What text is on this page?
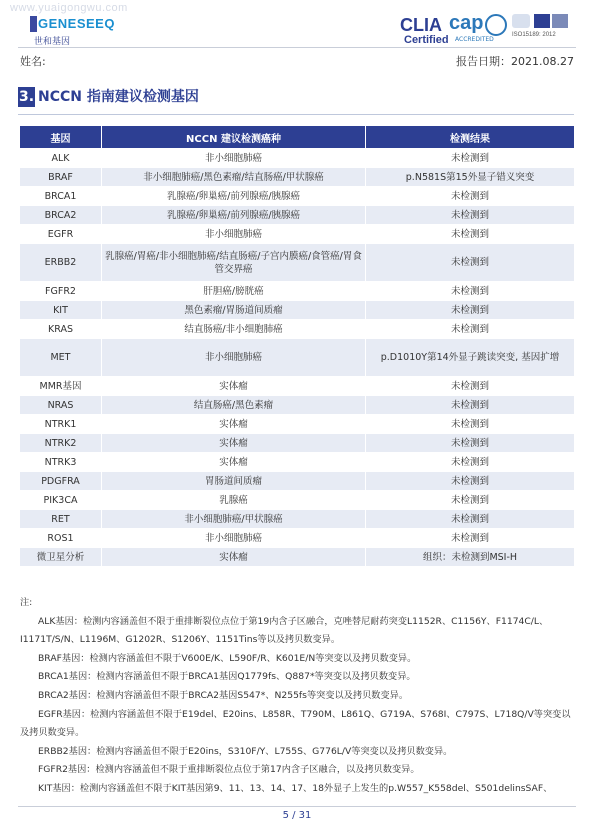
www.yuaigongwu.com
GENESEEQ
世和基因
CLIA
Certified
cap
ACCREDITED
ISO15189: 2012
姓名:	报告日期：2021.08.27
3. NCCN 指南建议检测基因
基因	NCCN 建议检测癌种	检测结果
ALK	非小细胞肺癌	未检测到
BRAF	非小细胞肺癌/黑色素瘤/结直肠癌/甲状腺癌	p.N581S第15外显子错义突变
BRCA1	乳腺癌/卵巢癌/前列腺癌/胰腺癌	未检测到
BRCA2	乳腺癌/卵巢癌/前列腺癌/胰腺癌	未检测到
EGFR	非小细胞肺癌	未检测到
ERBB2	乳腺癌/胃癌/非小细胞肺癌/结直肠癌/子宫内膜癌/食管癌/胃食管交界癌	未检测到
FGFR2	肝胆癌/膀胱癌	未检测到
KIT	黑色素瘤/胃肠道间质瘤	未检测到
KRAS	结直肠癌/非小细胞肺癌	未检测到
MET	非小细胞肺癌	p.D1010Y第14外显子跳读突变, 基因扩增
MMR基因	实体瘤	未检测到
NRAS	结直肠癌/黑色素瘤	未检测到
NTRK1	实体瘤	未检测到
NTRK2	实体瘤	未检测到
NTRK3	实体瘤	未检测到
PDGFRA	胃肠道间质瘤	未检测到
PIK3CA	乳腺癌	未检测到
RET	非小细胞肺癌/甲状腺癌	未检测到
ROS1	非小细胞肺癌	未检测到
微卫星分析	实体瘤	组织：未检测到MSI-H

注:

ALK基因：检测内容涵盖但不限于重排断裂位点位于第19内含子区融合，克唑替尼耐药突变L1152R、C1156Y、F1174C/L、I1171T/S/N、L1196M、G1202R、S1206Y、1151Tins等以及拷贝数变异。

BRAF基因：检测内容涵盖但不限于V600E/K、L590F/R、K601E/N等突变以及拷贝数变异。

BRCA1基因：检测内容涵盖但不限于BRCA1基因Q1779fs、Q887*等突变以及拷贝数变异。

BRCA2基因：检测内容涵盖但不限于BRCA2基因S547*、N255fs等突变以及拷贝数变异。

EGFR基因：检测内容涵盖但不限于E19del、E20ins、L858R、T790M、L861Q、G719A、S768I、C797S、L718Q/V等突变以及拷贝数变异。

ERBB2基因：检测内容涵盖但不限于E20ins，S310F/Y、L755S、G776L/V等突变以及拷贝数变异。

FGFR2基因：检测内容涵盖但不限于重排断裂位点位于第17内含子区融合，以及拷贝数变异。

KIT基因：检测内容涵盖但不限于KIT基因第9、11、13、14、17、18外显子上发生的p.W557_K558del、S501delinsSAF、

5 / 31
